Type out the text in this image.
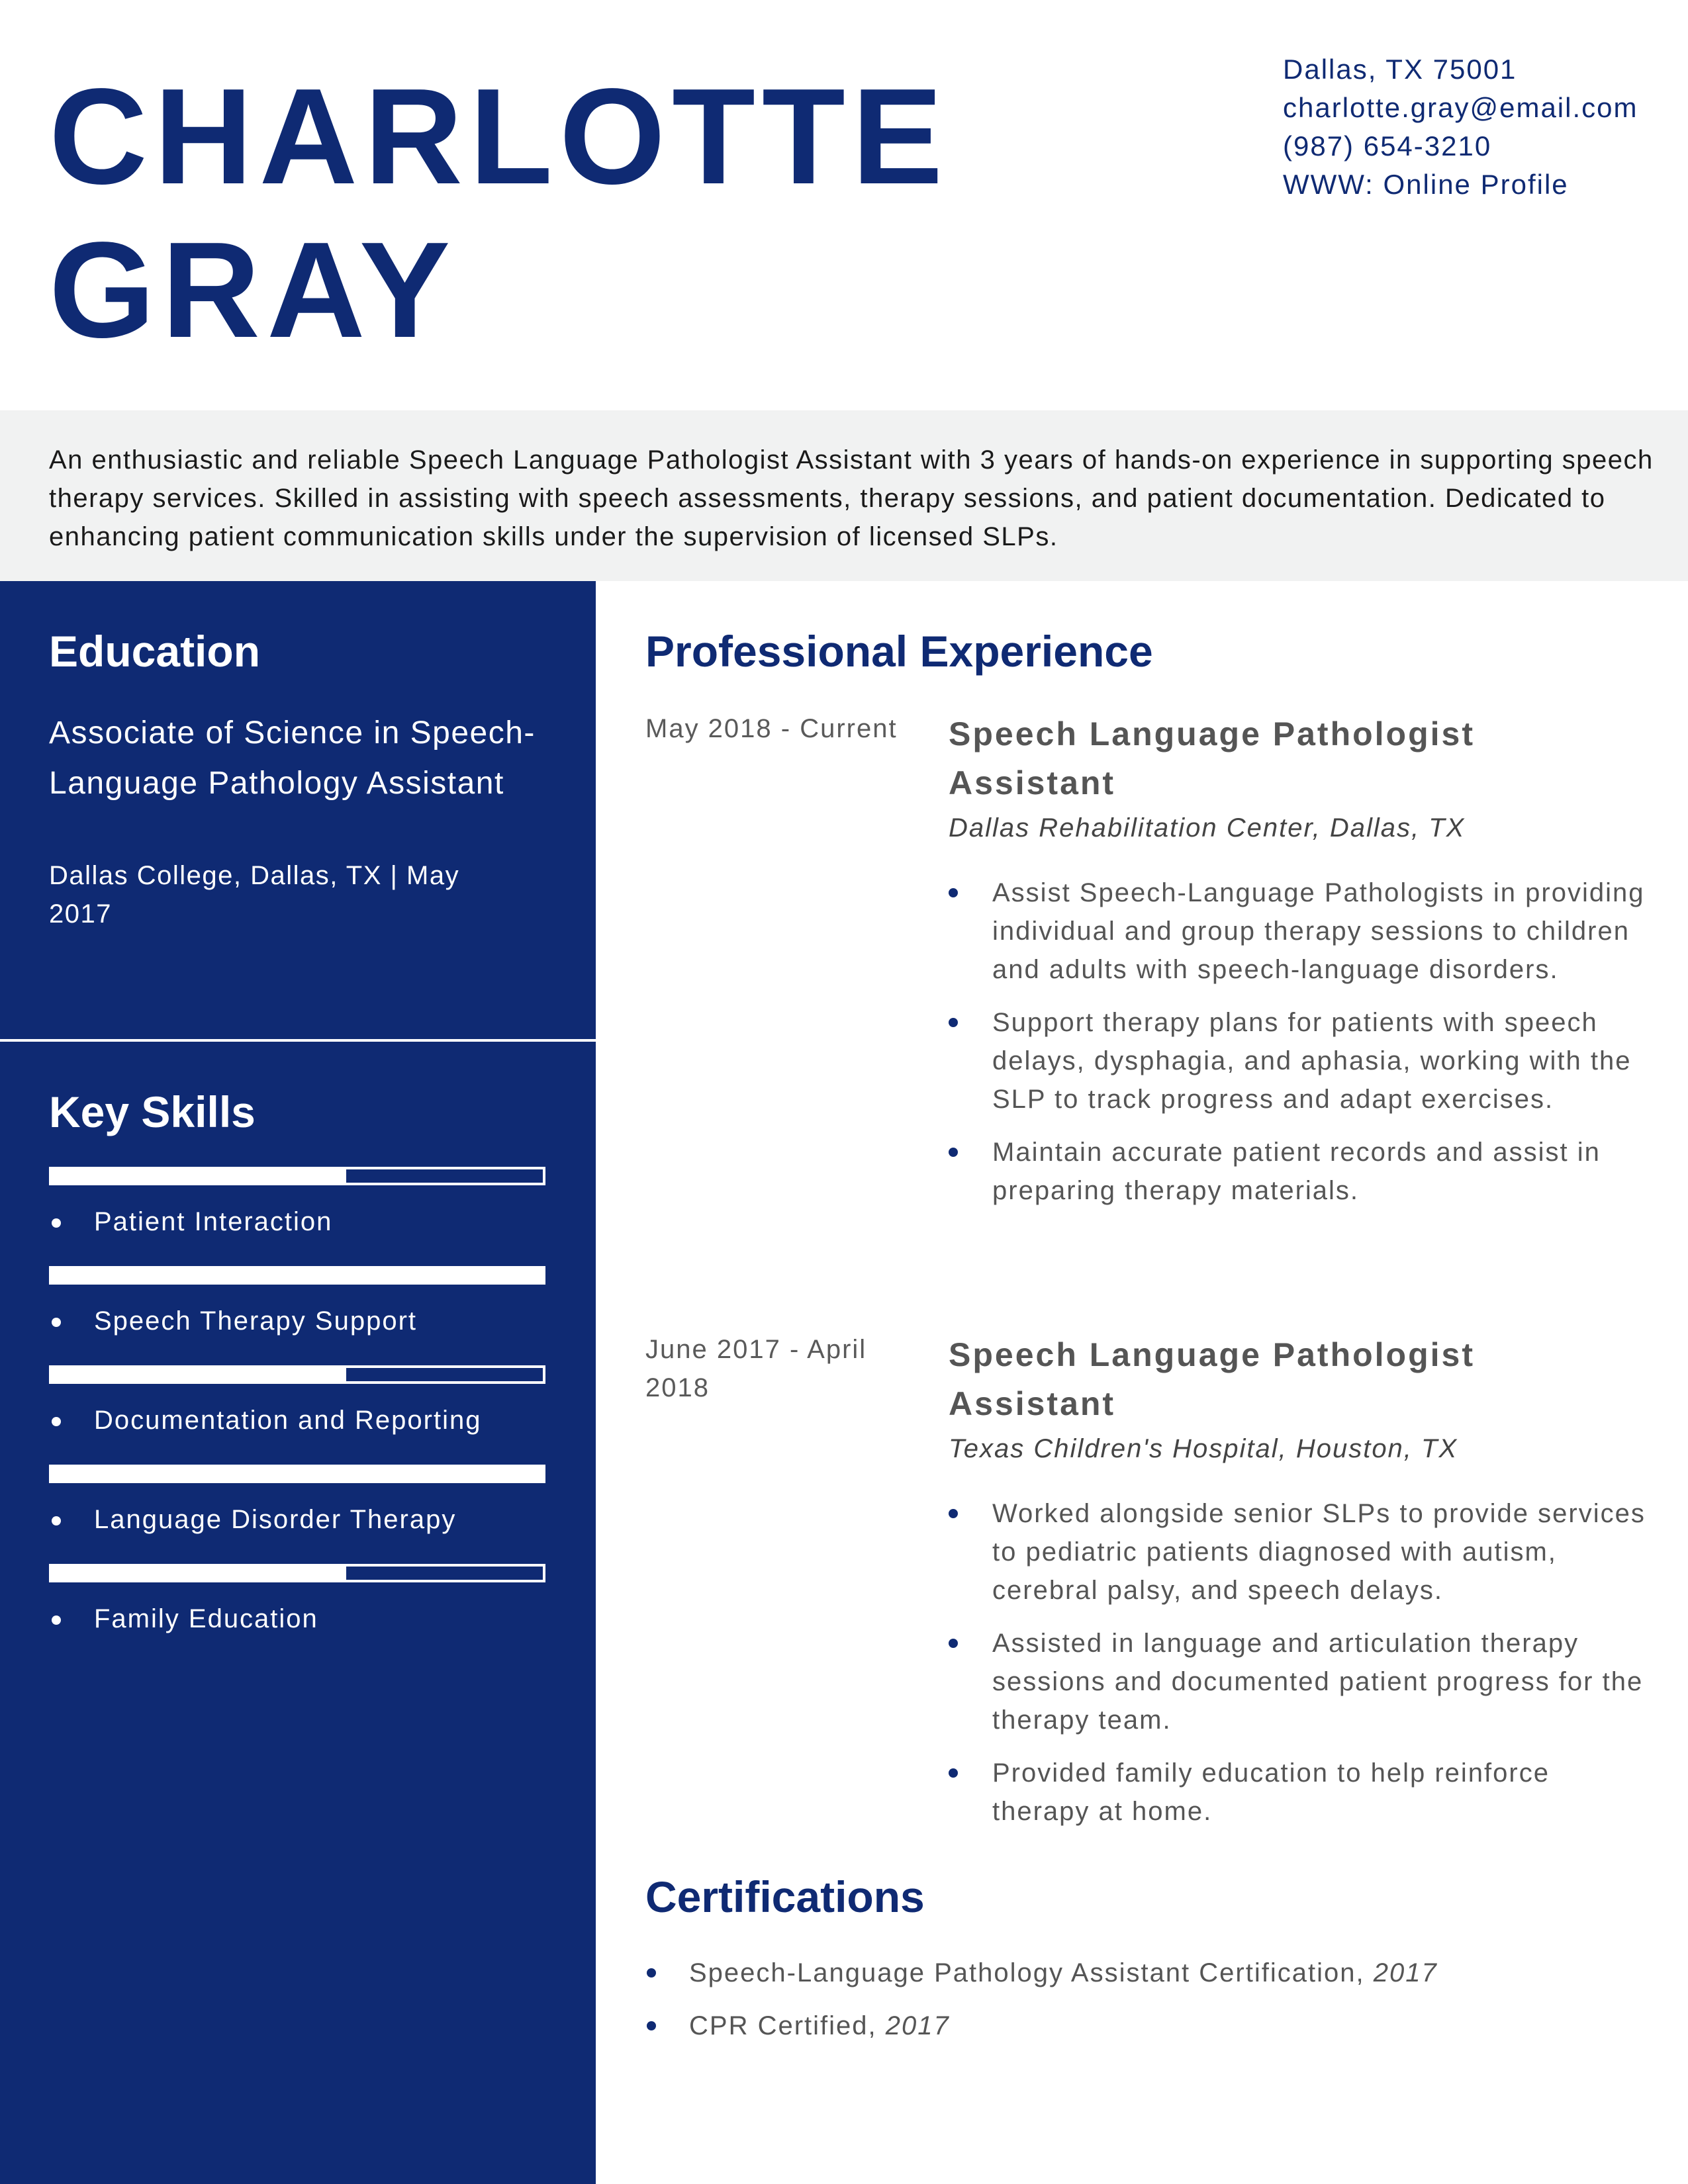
CHARLOTTE
GRAY
Dallas, TX 75001
charlotte.gray@email.com
(987) 654-3210
WWW: Online Profile

An enthusiastic and reliable Speech Language Pathologist Assistant with 3 years of hands-on experience in supporting speech therapy services. Skilled in assisting with speech assessments, therapy sessions, and patient documentation. Dedicated to enhancing patient communication skills under the supervision of licensed SLPs.

Education
Associate of Science in Speech-Language Pathology Assistant
Dallas College, Dallas, TX | May 2017
Key Skills
Patient Interaction
Speech Therapy Support
Documentation and Reporting
Language Disorder Therapy
Family Education
Professional Experience
May 2018 - Current	Speech Language Pathologist Assistant
Dallas Rehabilitation Center, Dallas, TX
Assist Speech-Language Pathologists in providing individual and group therapy sessions to children and adults with speech-language disorders.
Support therapy plans for patients with speech delays, dysphagia, and aphasia, working with the SLP to track progress and adapt exercises.
Maintain accurate patient records and assist in preparing therapy materials.
June 2017 - April 2018
Speech Language Pathologist Assistant
Texas Children's Hospital, Houston, TX
Worked alongside senior SLPs to provide services to pediatric patients diagnosed with autism, cerebral palsy, and speech delays.
Assisted in language and articulation therapy sessions and documented patient progress for the therapy team.
Provided family education to help reinforce therapy at home.
Certifications
Speech-Language Pathology Assistant Certification, 2017
CPR Certified, 2017
